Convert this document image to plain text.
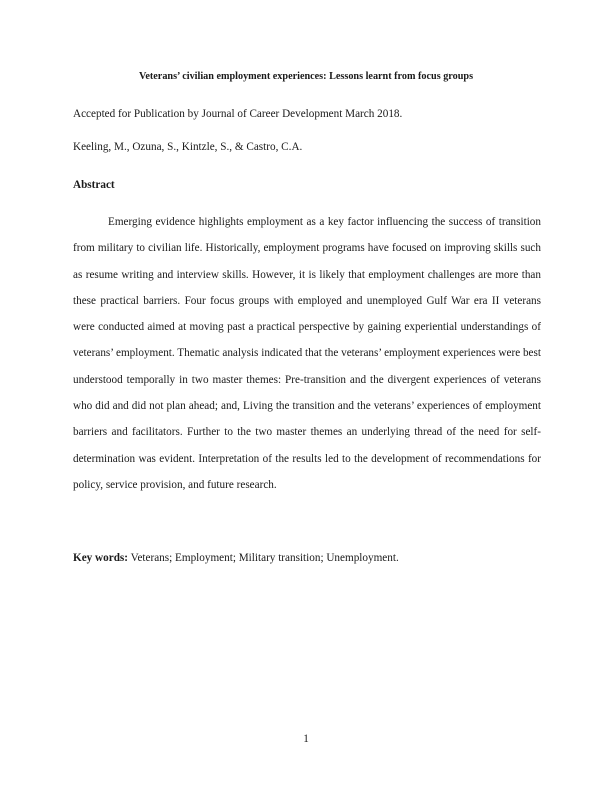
Veterans’ civilian employment experiences: Lessons learnt from focus groups
Accepted for Publication by Journal of Career Development March 2018.
Keeling, M., Ozuna, S., Kintzle, S., & Castro, C.A.
Abstract

Emerging evidence highlights employment as a key factor influencing the success of transition from military to civilian life. Historically, employment programs have focused on improving skills such as resume writing and interview skills. However, it is likely that employment challenges are more than these practical barriers. Four focus groups with employed and unemployed Gulf War era II veterans were conducted aimed at moving past a practical perspective by gaining experiential understandings of veterans’ employment. Thematic analysis indicated that the veterans’ employment experiences were best understood temporally in two master themes: Pre-transition and the divergent experiences of veterans who did and did not plan ahead; and, Living the transition and the veterans’ experiences of employment barriers and facilitators. Further to the two master themes an underlying thread of the need for self-determination was evident. Interpretation of the results led to the development of recommendations for policy, service provision, and future research.

Key words: Veterans; Employment; Military transition; Unemployment.
1
